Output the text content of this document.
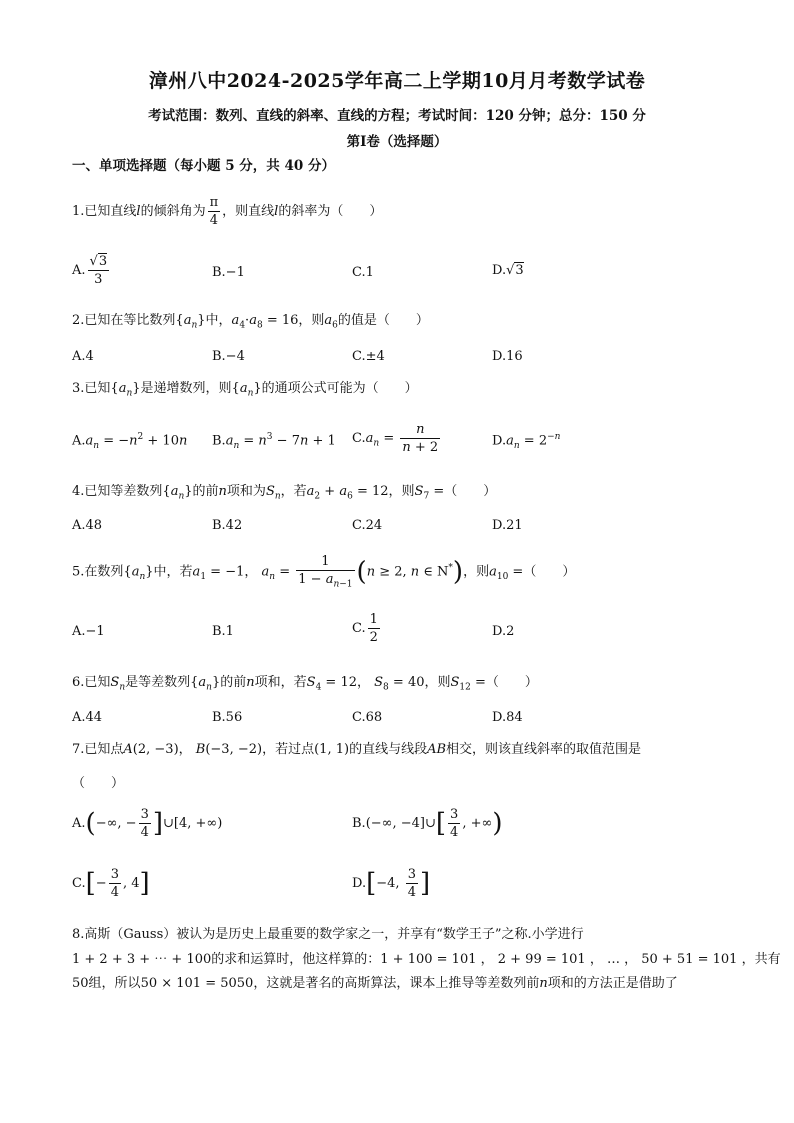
漳州八中2024-2025学年高二上学期10月月考数学试卷
考试范围：数列、直线的斜率、直线的方程；考试时间：120 分钟；总分：150 分
第Ⅰ卷（选择题）
一、单项选择题（每小题 5 分，共 40 分）
1.已知直线l的倾斜角为 $\frac{\pi}{4}$ ，则直线l的斜率为（　　）
A. $\frac{√3}{3}$	B.−1	C.1	D.√3
2.已知在等比数列$\{a_n\}$中，$a_4\cdot a_8 = 16$，则$a_6$的值是（　　）
A.4	B.−4	C.±4	D.16
3.已知$\{a_n\}$是递增数列，则$\{a_n\}$的通项公式可能为（　　）
$A.a_n = -n^2 + 10n$ $B.a_n = n^3 - 7n + 1$ $C.a_n = \frac{n}{n + 2}$	$D.a_n = 2^{-n}$
4.已知等差数列$\{a_n\}$的前n项和为$S_n$，若$a_2 + a_6 = 12$，则$S_7$ =（　　）
A.48	B.42	C.24	D.21
5.在数列$\{a_n\}$中，若$a_1 = -1$， $a_n = \frac{1}{1 - a_{n-1}} (n \ge 2$, n ∈ N*)，则$a_{10}$ =（　　）
A.−1	B.1	C. $\frac{1}{2}$	D.2
6.已知$S_n$是等差数列$\{a_n\}$的前n项和，若$S_4 = 12$， $S_8 = 40$，则$S_{12}$ =（　　）
A.44	B.56	C.68	D.84
7.已知点A(2, −3)， B(−3, −2)，若过点(1, 1)的直线与线段AB相交，则该直线斜率的取值范围是
（　　）
A.(−∞, − $\frac{3}{4}$ ]∪[4, +∞)	B.(−∞, −4]∪[ $\frac{3}{4}$ , +∞)
$C.[- \frac{3}{4}$ , 4]	D.[−4, $\frac{3}{4}$ ]
8.高斯（Gauss）被认为是历史上最重要的数学家之一，并享有“数学王子”之称.小学进行
1 + 2 + 3 + ⋯ + 100的求和运算时，他这样算的：1 + 100 = 101 ， 2 + 99 = 101 ， … ， 50 + 51 = 101 ，共有
50组，所以50 × 101 = 5050，这就是著名的高斯算法，课本上推导等差数列前n项和的方法正是借助了
